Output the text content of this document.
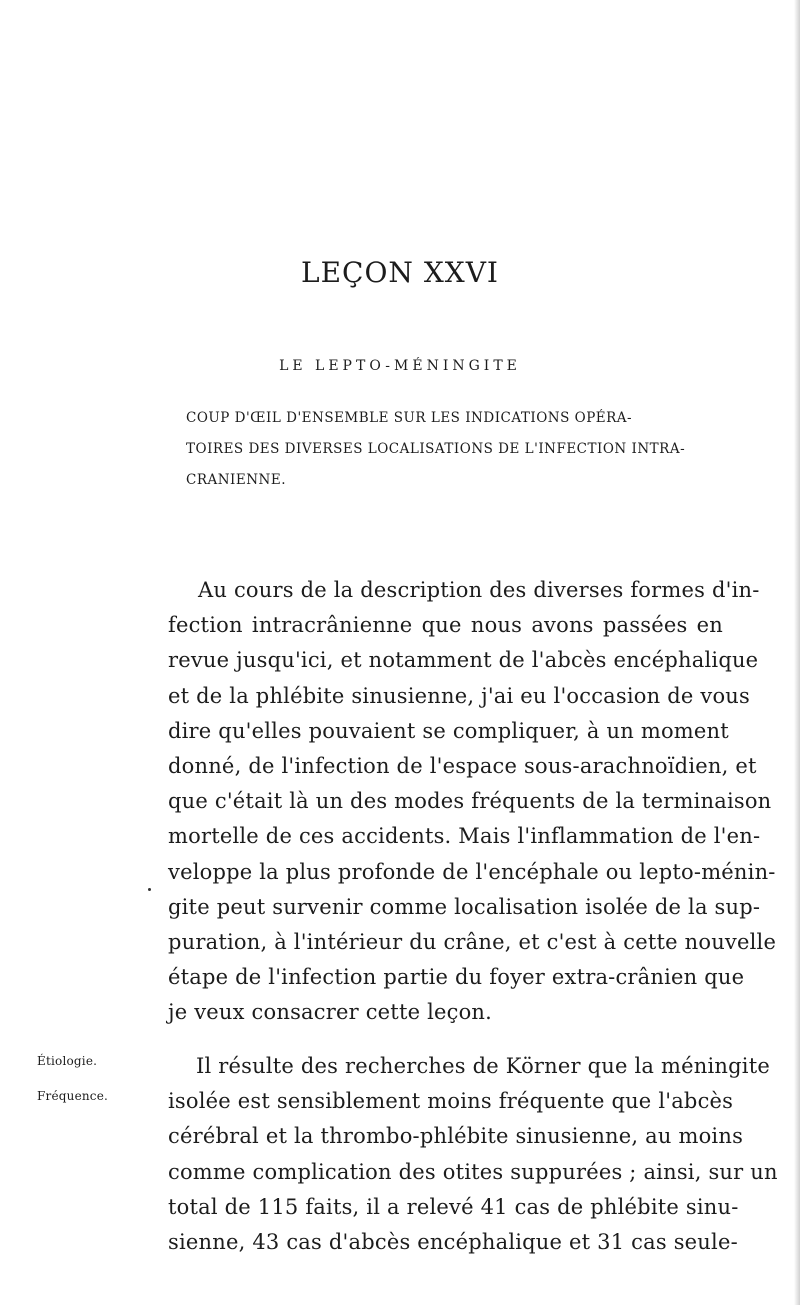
LEÇON XXVI
LE LEPTO-MÉNINGITE
COUP D'ŒIL D'ENSEMBLE SUR LES INDICATIONS OPÉRA-
TOIRES DES DIVERSES LOCALISATIONS DE L'INFECTION INTRA-
CRANIENNE.
Au cours de la description des diverses formes d'in-
fection intracrânienne que nous avons passées en
revue jusqu'ici, et notamment de l'abcès encéphalique
et de la phlébite sinusienne, j'ai eu l'occasion de vous
dire qu'elles pouvaient se compliquer, à un moment
donné, de l'infection de l'espace sous-arachnoïdien, et
que c'était là un des modes fréquents de la terminaison
mortelle de ces accidents. Mais l'inflammation de l'en-
veloppe la plus profonde de l'encéphale ou lepto-ménin-
gite peut survenir comme localisation isolée de la sup-
puration, à l'intérieur du crâne, et c'est à cette nouvelle
étape de l'infection partie du foyer extra-crânien que
je veux consacrer cette leçon.
Étiologie.
Fréquence.
Il résulte des recherches de Körner que la méningite
isolée est sensiblement moins fréquente que l'abcès
cérébral et la thrombo-phlébite sinusienne, au moins
comme complication des otites suppurées ; ainsi, sur un
total de 115 faits, il a relevé 41 cas de phlébite sinu-
sienne, 43 cas d'abcès encéphalique et 31 cas seule-
